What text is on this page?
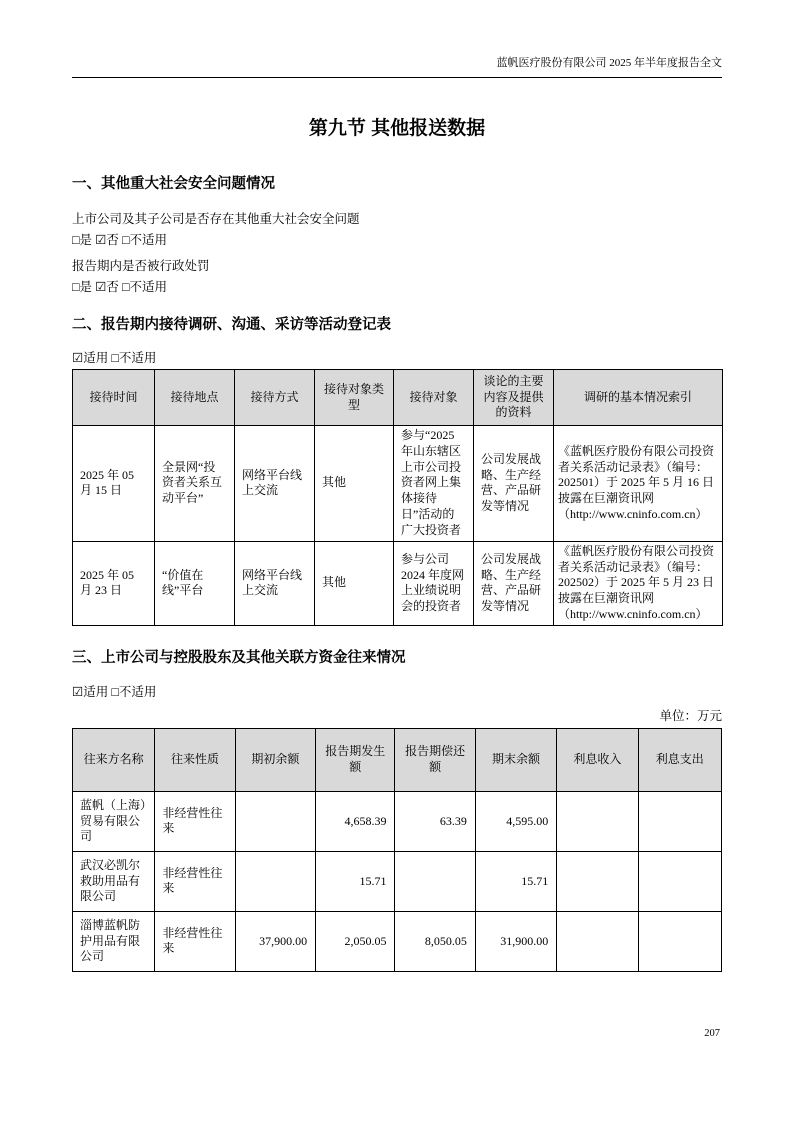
蓝帆医疗股份有限公司 2025 年半年度报告全文
第九节 其他报送数据
一、其他重大社会安全问题情况

上市公司及其子公司是否存在其他重大社会安全问题

□是 ☑否 □不适用

报告期内是否被行政处罚

□是 ☑否 □不适用

二、报告期内接待调研、沟通、采访等活动登记表

☑适用 □不适用

接待时间	接待地点	接待方式	接待对象类型	接待对象	谈论的主要内容及提供的资料	调研的基本情况索引
2025 年 05 月 15 日	全景网“投资者关系互动平台”	网络平台线上交流	其他	参与“2025 年山东辖区上市公司投资者网上集体接待日”活动的广大投资者	公司发展战略、生产经营、产品研发等情况	《蓝帆医疗股份有限公司投资者关系活动记录表》（编号：202501）于 2025 年 5 月 16 日披露在巨潮资讯网（http://www.cninfo.com.cn）
2025 年 05 月 23 日	“价值在线”平台	网络平台线上交流	其他	参与公司 2024 年度网上业绩说明会的投资者	公司发展战略、生产经营、产品研发等情况	《蓝帆医疗股份有限公司投资者关系活动记录表》（编号：202502）于 2025 年 5 月 23 日披露在巨潮资讯网（http://www.cninfo.com.cn）
三、上市公司与控股股东及其他关联方资金往来情况

☑适用 □不适用

单位：万元

往来方名称	往来性质	期初余额	报告期发生额	报告期偿还额	期末余额	利息收入	利息支出
蓝帆（上海）贸易有限公司	非经营性往来		4,658.39	63.39	4,595.00		
武汉必凯尔救助用品有限公司	非经营性往来		15.71		15.71		
淄博蓝帆防护用品有限公司	非经营性往来	37,900.00	2,050.05	8,050.05	31,900.00		
207
